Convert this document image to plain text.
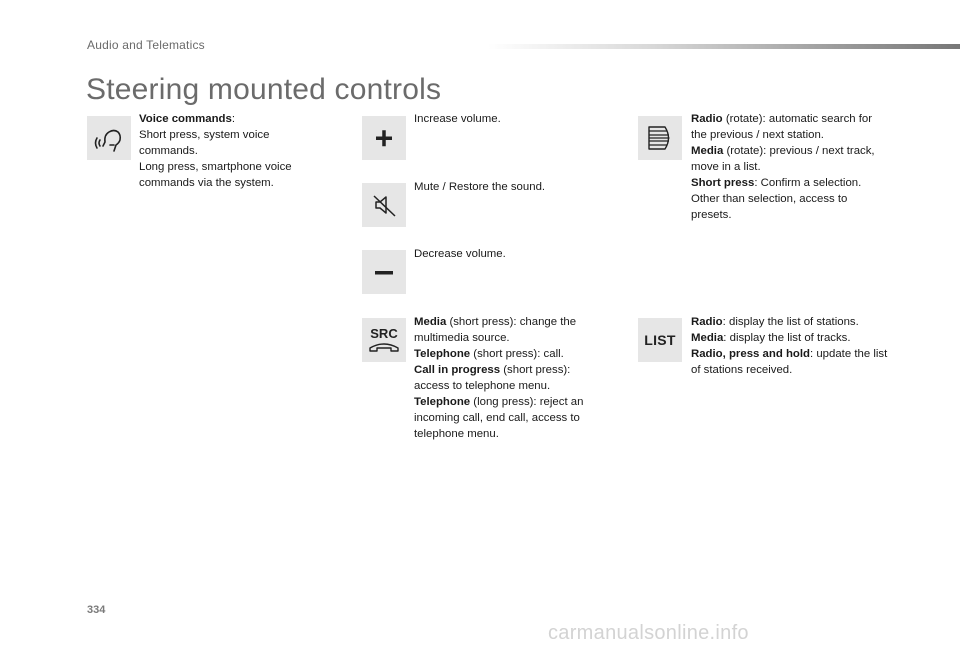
Audio and Telematics
Steering mounted controls
Voice commands:
Short press, system voice commands.
Long press, smartphone voice commands via the system.
Increase volume.
Mute / Restore the sound.
Decrease volume.
SRC
Media (short press): change the multimedia source.
Telephone (short press): call.
Call in progress (short press): access to telephone menu.
Telephone (long press): reject an incoming call, end call, access to telephone menu.
Radio (rotate): automatic search for the previous / next station.
Media (rotate): previous / next track, move in a list.
Short press: Confirm a selection. Other than selection, access to presets.
LIST
Radio: display the list of stations.
Media: display the list of tracks.
Radio, press and hold: update the list of stations received.
334
carmanualsonline.info
